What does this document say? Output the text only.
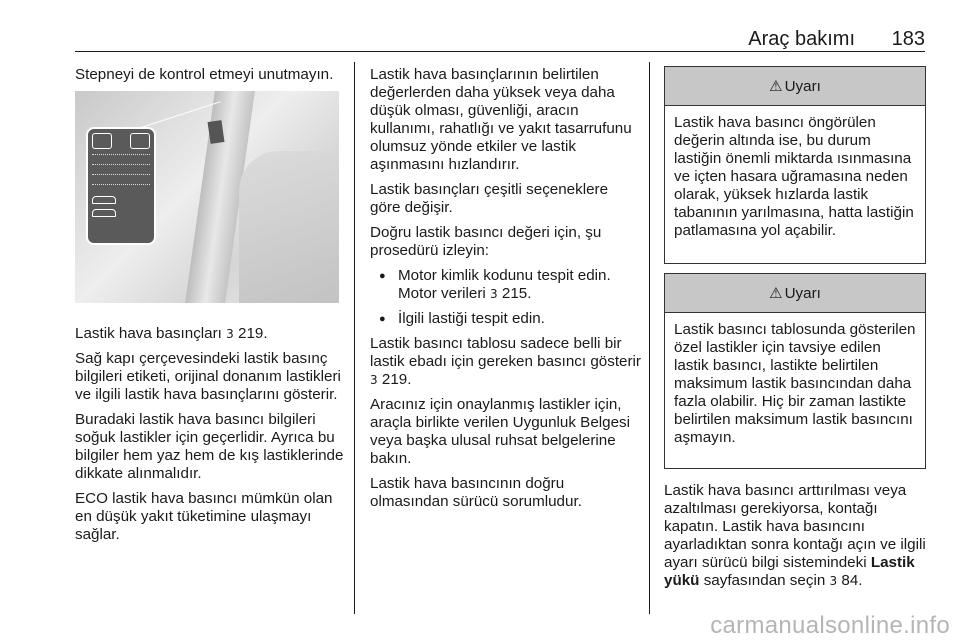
Araç bakımı 183

Stepneyi de kontrol etmeyi unutmayın.

Lastik hava basınçları 3 219.

Sağ kapı çerçevesindeki lastik basınç bilgileri etiketi, orijinal donanım lastikleri ve ilgili lastik hava basınçlarını gösterir.

Buradaki lastik hava basıncı bilgileri soğuk lastikler için geçerlidir. Ayrıca bu bilgiler hem yaz hem de kış lastiklerinde dikkate alınmalıdır.

ECO lastik hava basıncı mümkün olan en düşük yakıt tüketimine ulaşmayı sağlar.

Lastik hava basınçlarının belirtilen değerlerden daha yüksek veya daha düşük olması, güvenliği, aracın kullanımı, rahatlığı ve yakıt tasarrufunu olumsuz yönde etkiler ve lastik aşınmasını hızlandırır.

Lastik basınçları çeşitli seçeneklere göre değişir.

Doğru lastik basıncı değeri için, şu prosedürü izleyin:

● Motor kimlik kodunu tespit edin. Motor verileri 3 215.
● İlgili lastiği tespit edin.

Lastik basıncı tablosu sadece belli bir lastik ebadı için gereken basıncı gösterir 3 219.

Aracınız için onaylanmış lastikler için, araçla birlikte verilen Uygunluk Belgesi veya başka ulusal ruhsat belgelerine bakın.

Lastik hava basıncının doğru olmasından sürücü sorumludur.

⚠ Uyarı
Lastik hava basıncı öngörülen değerin altında ise, bu durum lastiğin önemli miktarda ısınmasına ve içten hasara uğramasına neden olarak, yüksek hızlarda lastik tabanının yarılmasına, hatta lastiğin patlamasına yol açabilir.
⚠ Uyarı
Lastik basıncı tablosunda gösterilen özel lastikler için tavsiye edilen lastik basıncı, lastikte belirtilen maksimum lastik basıncından daha fazla olabilir. Hiç bir zaman lastikte belirtilen maksimum lastik basıncını aşmayın.

Lastik hava basıncı arttırılması veya azaltılması gerekiyorsa, kontağı kapatın. Lastik hava basıncını ayarladıktan sonra kontağı açın ve ilgili ayarı sürücü bilgi sistemindeki Lastik yükü sayfasından seçin 3 84.

carmanualsonline.info
